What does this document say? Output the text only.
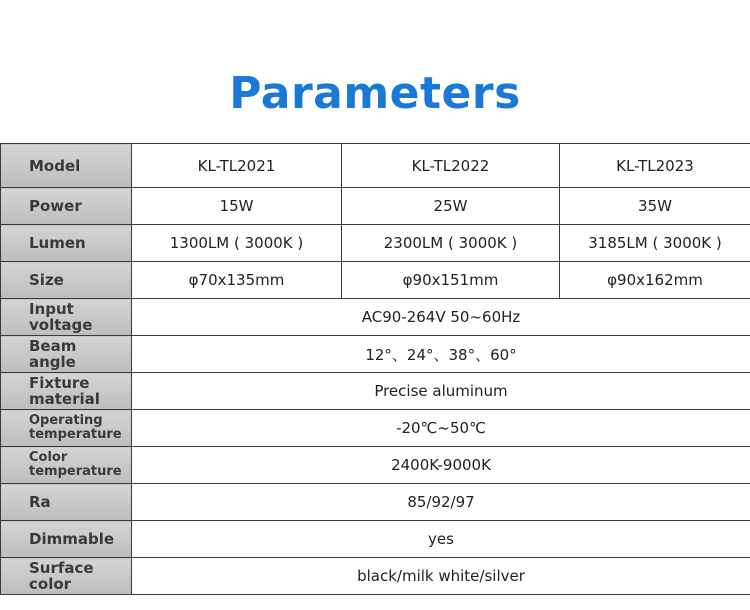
Parameters
Model	KL-TL2021	KL-TL2022	KL-TL2023
Power	15W	25W	35W
Lumen	1300LM ( 3000K )	2300LM ( 3000K )	3185LM ( 3000K )
Size	φ70x135mm	φ90x151mm	φ90x162mm
Input
voltage	AC90-264V 50~60Hz		
Beam
angle	12°、24°、38°、60°		
Fixture
material	Precise aluminum		
Operating
temperature	-20℃~50℃		
Color
temperature	2400K-9000K		
Ra	85/92/97		
Dimmable	yes		
Surface
color	black/milk white/silver		
